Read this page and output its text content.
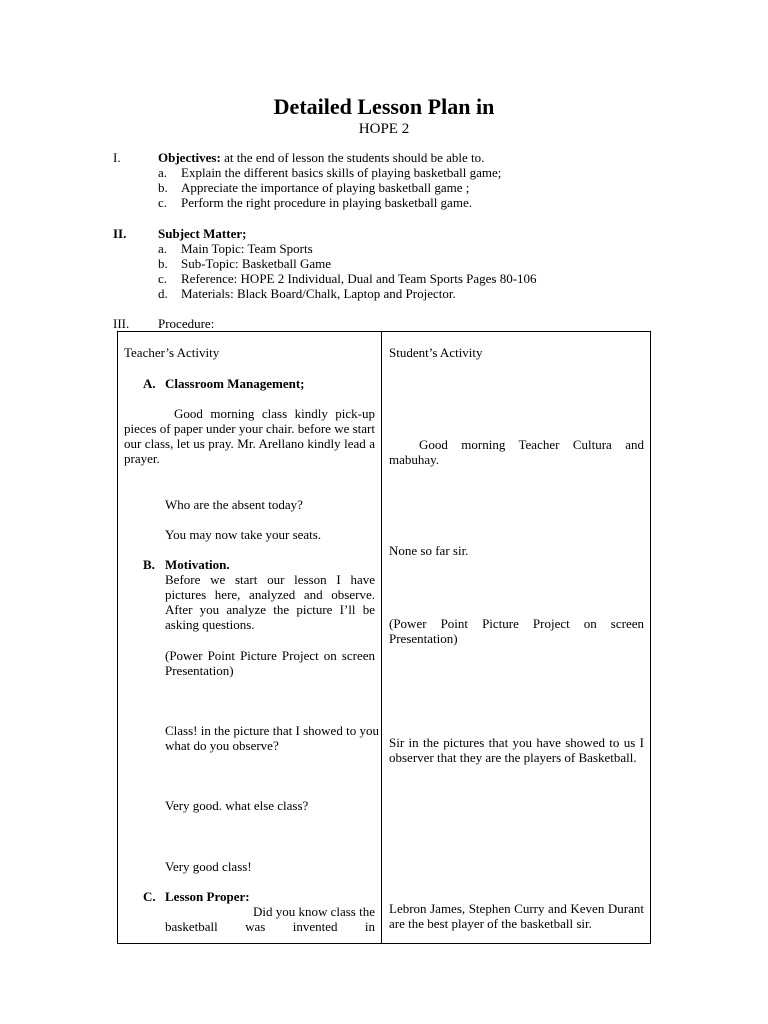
Detailed Lesson Plan in
HOPE 2
I.	Objectives: at the end of lesson the students should be able to.
a. Explain the different basics skills of playing basketball game;
b. Appreciate the importance of playing basketball game ;
c. Perform the right procedure in playing basketball game.
II. Subject Matter;
a. Main Topic: Team Sports
b. Sub-Topic: Basketball Game
c. Reference: HOPE 2 Individual, Dual and Team Sports Pages 80-106
d. Materials: Black Board/Chalk, Laptop and Projector.
III. Procedure:
Teacher’s Activity
A. Classroom Management;
Good morning class kindly pick-up pieces of paper under your chair. before we start our class, let us pray. Mr. Arellano kindly lead a prayer.
Who are the absent today?
You may now take your seats.
B. Motivation.
Before we start our lesson I have pictures here, analyzed and observe. After you analyze the picture I’ll be asking questions.
(Power Point Picture Project on screen Presentation)
Class! in the picture that I showed to you what do you observe?
Very good. what else class?
Very good class!
C. Lesson Proper:
Did you know class the
basketball was invented in
Student’s Activity
Good morning Teacher Cultura and mabuhay.
None so far sir.
(Power Point Picture Project on screen Presentation)
Sir in the pictures that you have showed to us I observer that they are the players of Basketball.
Lebron James, Stephen Curry and Keven Durant are the best player of the basketball sir.
